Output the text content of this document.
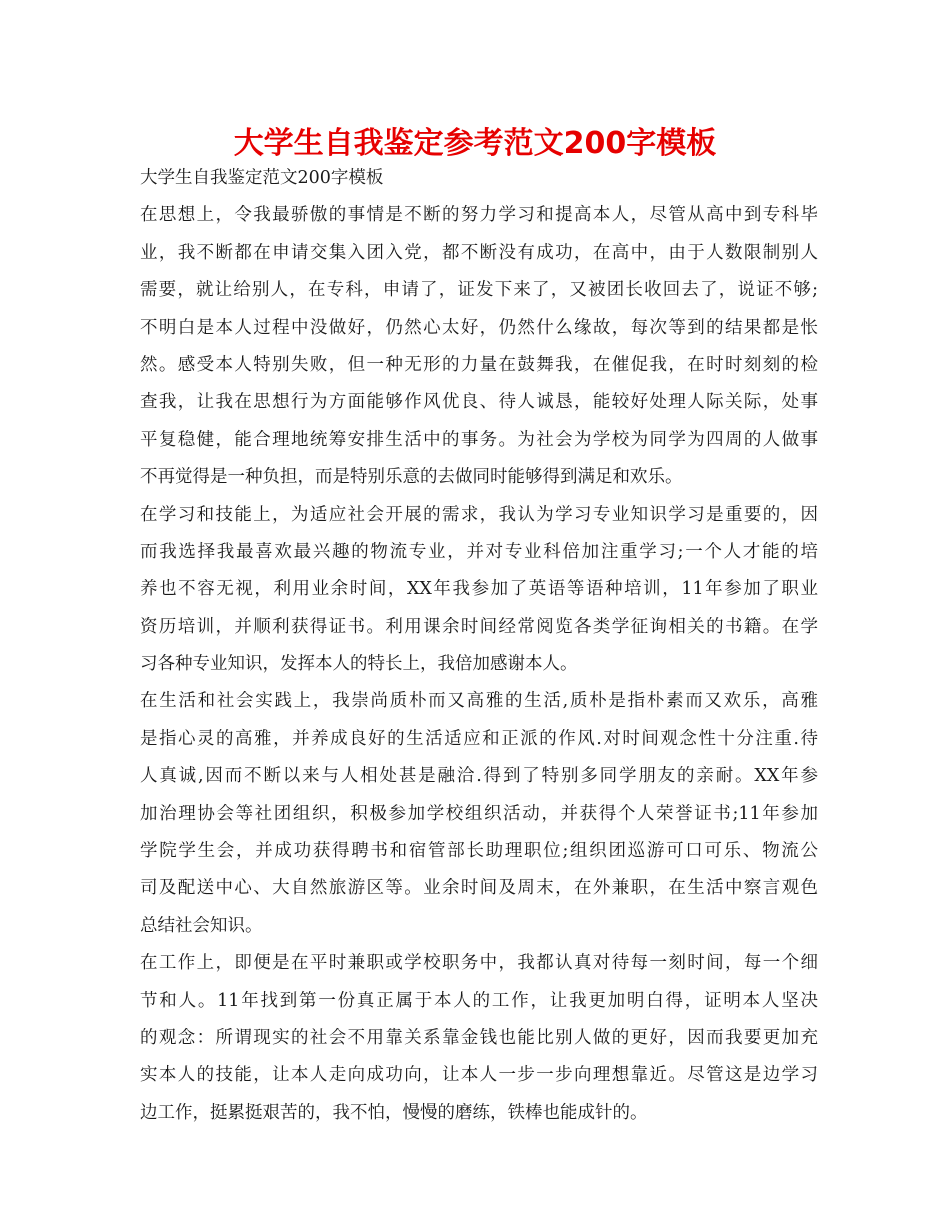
大学生自我鉴定参考范文200字模板
大学生自我鉴定范文200字模板
在思想上，令我最骄傲的事情是不断的努力学习和提高本人，尽管从高中到专科毕
业，我不断都在申请交集入团入党，都不断没有成功，在高中，由于人数限制别人
需要，就让给别人，在专科，申请了，证发下来了，又被团长收回去了，说证不够;
不明白是本人过程中没做好，仍然心太好，仍然什么缘故，每次等到的结果都是怅
然。感受本人特别失败，但一种无形的力量在鼓舞我，在催促我，在时时刻刻的检
查我，让我在思想行为方面能够作风优良、待人诚恳，能较好处理人际关际，处事
平复稳健，能合理地统筹安排生活中的事务。为社会为学校为同学为四周的人做事
不再觉得是一种负担，而是特别乐意的去做同时能够得到满足和欢乐。
在学习和技能上，为适应社会开展的需求，我认为学习专业知识学习是重要的，因
而我选择我最喜欢最兴趣的物流专业，并对专业科倍加注重学习;一个人才能的培
养也不容无视，利用业余时间，XX年我参加了英语等语种培训，11年参加了职业
资历培训，并顺利获得证书。利用课余时间经常阅览各类学征询相关的书籍。在学
习各种专业知识，发挥本人的特长上，我倍加感谢本人。
在生活和社会实践上，我崇尚质朴而又高雅的生活,质朴是指朴素而又欢乐，高雅
是指心灵的高雅，并养成良好的生活适应和正派的作风.对时间观念性十分注重.待
人真诚,因而不断以来与人相处甚是融洽.得到了特别多同学朋友的亲耐。XX年参
加治理协会等社团组织，积极参加学校组织活动，并获得个人荣誉证书;11年参加
学院学生会，并成功获得聘书和宿管部长助理职位;组织团巡游可口可乐、物流公
司及配送中心、大自然旅游区等。业余时间及周末，在外兼职，在生活中察言观色
总结社会知识。
在工作上，即便是在平时兼职或学校职务中，我都认真对待每一刻时间，每一个细
节和人。11年找到第一份真正属于本人的工作，让我更加明白得，证明本人坚决
的观念：所谓现实的社会不用靠关系靠金钱也能比别人做的更好，因而我要更加充
实本人的技能，让本人走向成功向，让本人一步一步向理想靠近。尽管这是边学习
边工作，挺累挺艰苦的，我不怕，慢慢的磨练，铁棒也能成针的。
